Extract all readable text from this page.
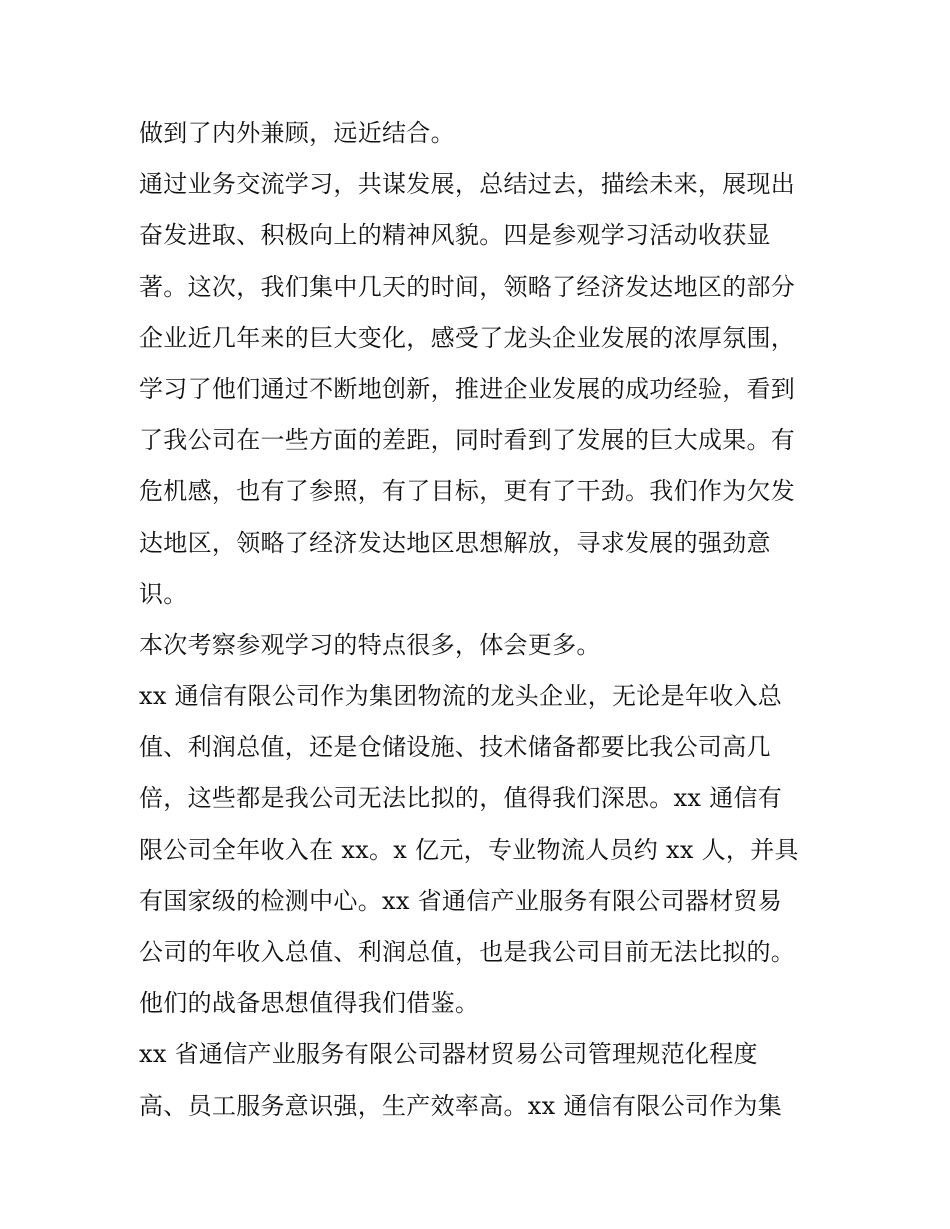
做到了内外兼顾，远近结合。
通过业务交流学习，共谋发展，总结过去，描绘未来，展现出
奋发进取、积极向上的精神风貌。四是参观学习活动收获显
著。这次，我们集中几天的时间，领略了经济发达地区的部分
企业近几年来的巨大变化，感受了龙头企业发展的浓厚氛围，
学习了他们通过不断地创新，推进企业发展的成功经验，看到
了我公司在一些方面的差距，同时看到了发展的巨大成果。有
危机感，也有了参照，有了目标，更有了干劲。我们作为欠发
达地区，领略了经济发达地区思想解放，寻求发展的强劲意
识。
本次考察参观学习的特点很多，体会更多。
xx 通信有限公司作为集团物流的龙头企业，无论是年收入总
值、利润总值，还是仓储设施、技术储备都要比我公司高几
倍，这些都是我公司无法比拟的，值得我们深思。xx 通信有
限公司全年收入在 xx。x 亿元，专业物流人员约 xx 人，并具
有国家级的检测中心。xx 省通信产业服务有限公司器材贸易
公司的年收入总值、利润总值，也是我公司目前无法比拟的。
他们的战备思想值得我们借鉴。
xx 省通信产业服务有限公司器材贸易公司管理规范化程度
高、员工服务意识强，生产效率高。xx 通信有限公司作为集
